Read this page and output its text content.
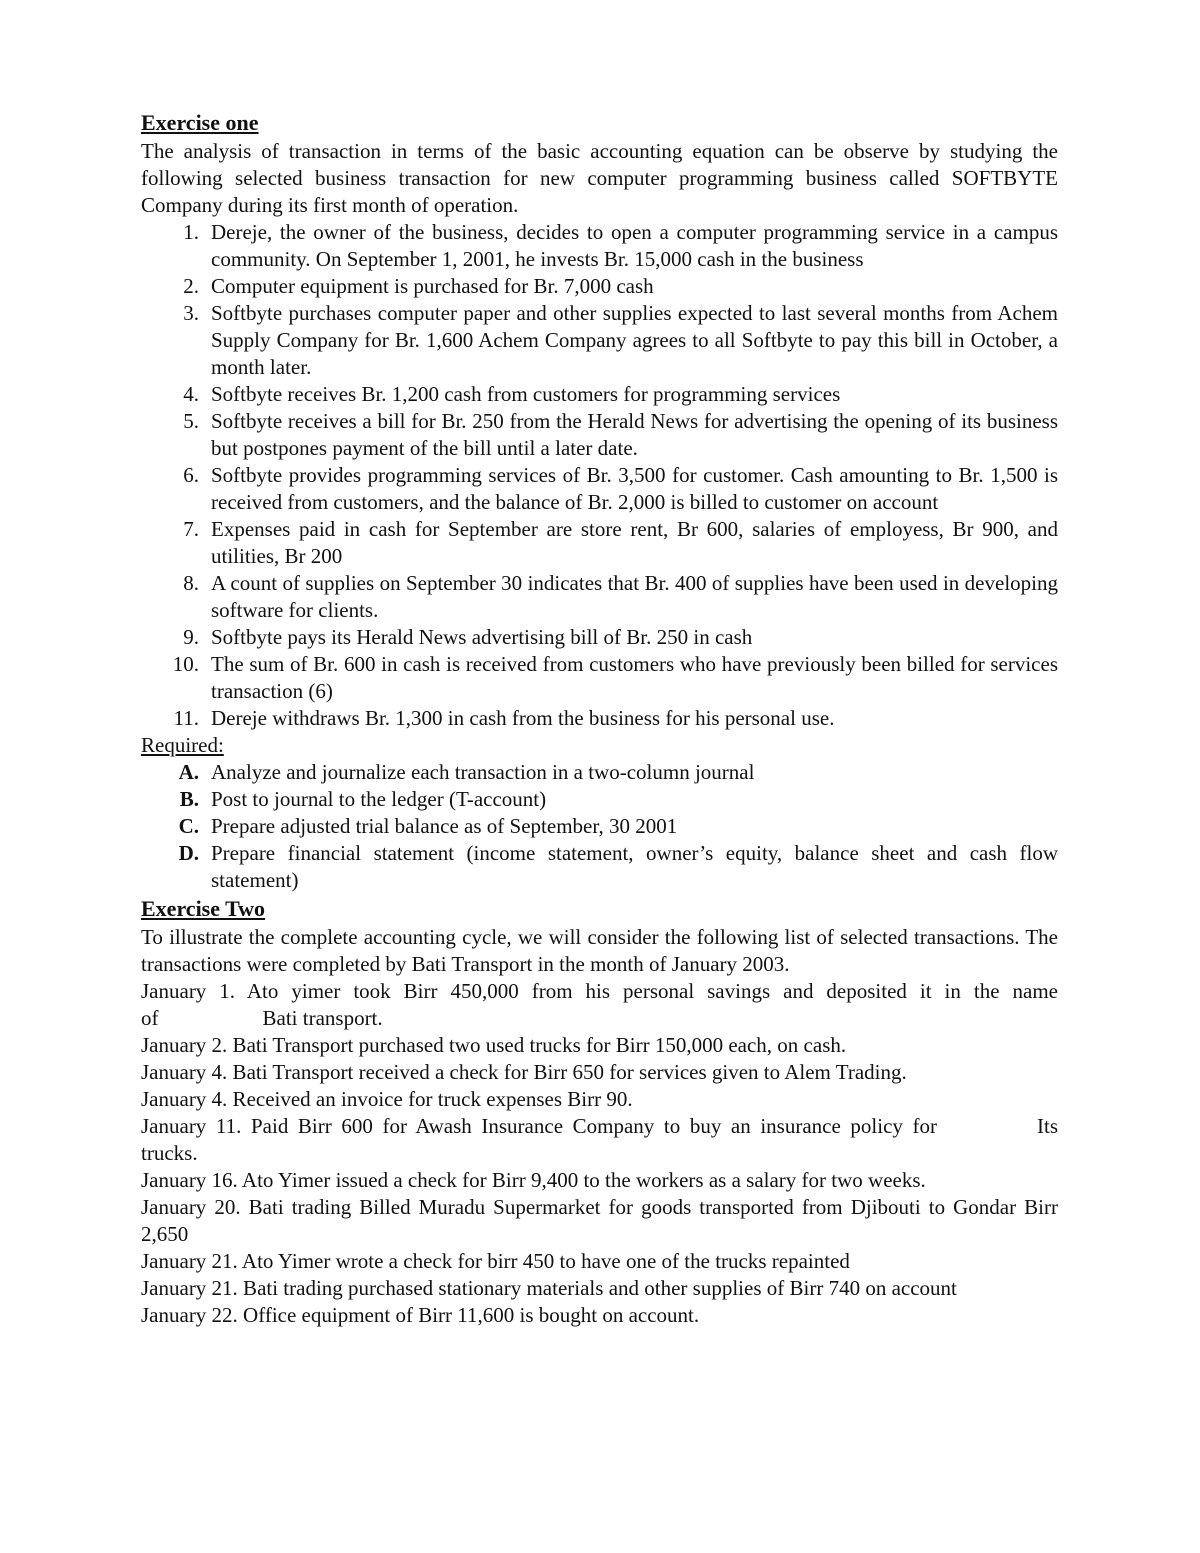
Exercise one

The analysis of transaction in terms of the basic accounting equation can be observe by studying the following selected business transaction for new computer programming business called SOFTBYTE Company during its first month of operation.

1. Dereje, the owner of the business, decides to open a computer programming service in a campus community. On September 1, 2001, he invests Br. 15,000 cash in the business
2. Computer equipment is purchased for Br. 7,000 cash
3. Softbyte purchases computer paper and other supplies expected to last several months from Achem Supply Company for Br. 1,600 Achem Company agrees to all Softbyte to pay this bill in October, a month later.
4. Softbyte receives Br. 1,200 cash from customers for programming services
5. Softbyte receives a bill for Br. 250 from the Herald News for advertising the opening of its business but postpones payment of the bill until a later date.
6. Softbyte provides programming services of Br. 3,500 for customer. Cash amounting to Br. 1,500 is received from customers, and the balance of Br. 2,000 is billed to customer on account
7. Expenses paid in cash for September are store rent, Br 600, salaries of employess, Br 900, and utilities, Br 200
8. A count of supplies on September 30 indicates that Br. 400 of supplies have been used in developing software for clients.
9. Softbyte pays its Herald News advertising bill of Br. 250 in cash
10. The sum of Br. 600 in cash is received from customers who have previously been billed for services transaction (6)
11. Dereje withdraws Br. 1,300 in cash from the business for his personal use.

Required:

A. Analyze and journalize each transaction in a two-column journal
B. Post to journal to the ledger (T-account)
C. Prepare adjusted trial balance as of September, 30 2001
D. Prepare financial statement (income statement, owner’s equity, balance sheet and cash flow statement)
Exercise Two

To illustrate the complete accounting cycle, we will consider the following list of selected transactions. The transactions were completed by Bati Transport in the month of January 2003.

January 1. Ato yimer took Birr 450,000 from his personal savings and deposited it in the name of	Bati transport.

January 2. Bati Transport purchased two used trucks for Birr 150,000 each, on cash.

January 4. Bati Transport received a check for Birr 650 for services given to Alem Trading.

January 4. Received an invoice for truck expenses Birr 90.

January 11. Paid Birr 600 for Awash Insurance Company to buy an insurance policy for	Its trucks.

January 16. Ato Yimer issued a check for Birr 9,400 to the workers as a salary for two weeks.

January 20. Bati trading Billed Muradu Supermarket for goods transported from Djibouti to Gondar Birr 2,650

January 21. Ato Yimer wrote a check for birr 450 to have one of the trucks repainted

January 21. Bati trading purchased stationary materials and other supplies of Birr 740 on account

January 22. Office equipment of Birr 11,600 is bought on account.
